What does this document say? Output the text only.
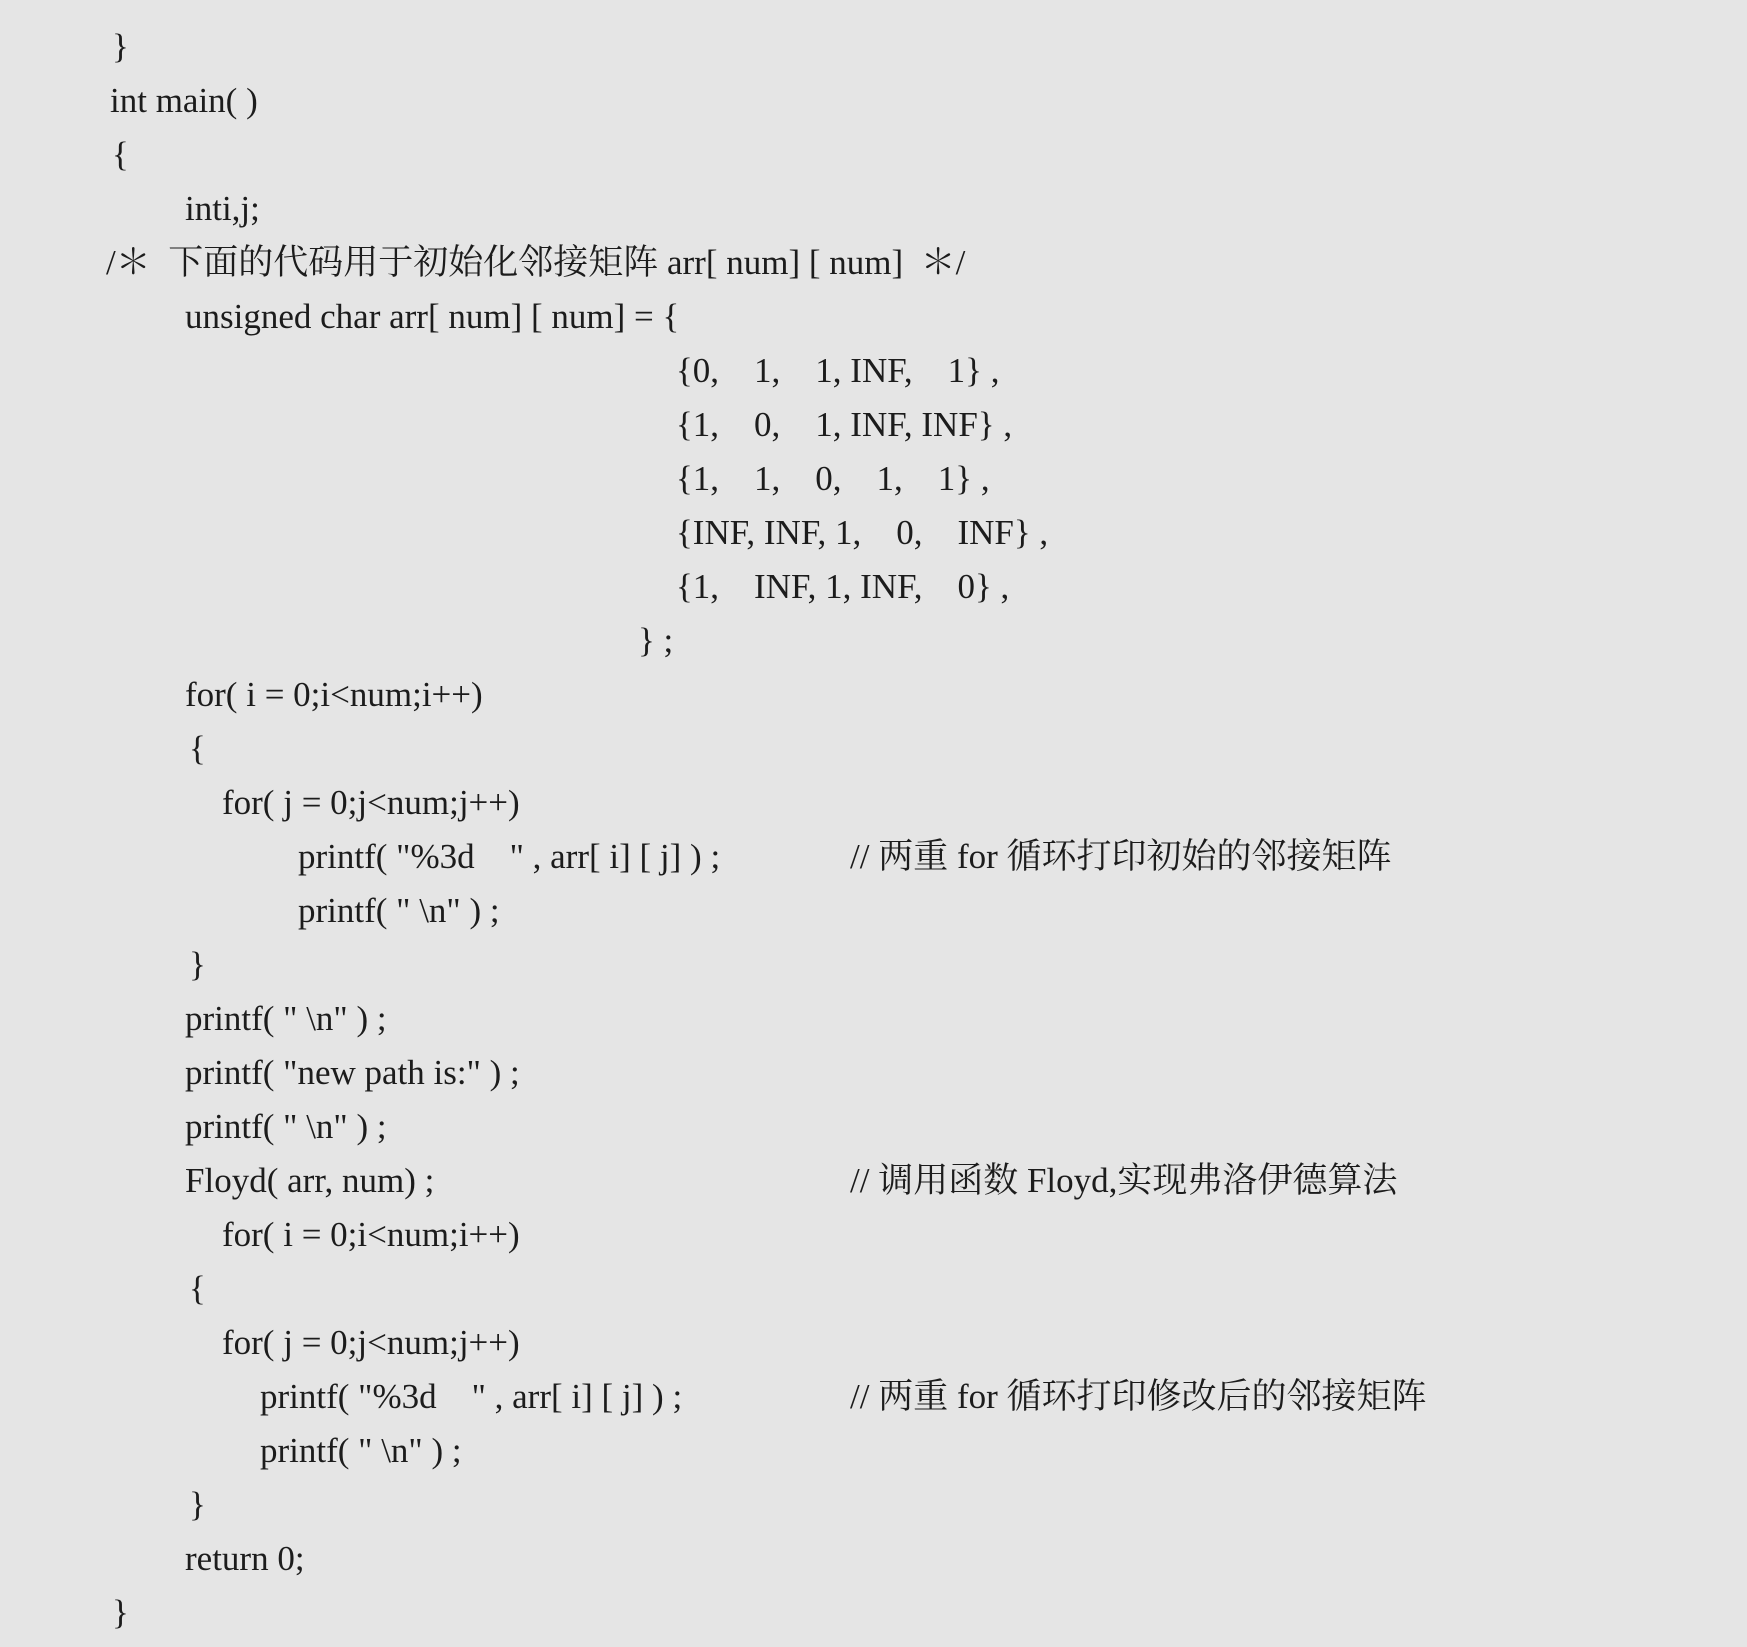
}
int main( )
{
inti,j;
/＊  下面的代码用于初始化邻接矩阵 arr[ num] [ num]  ＊/
unsigned char arr[ num] [ num] = {
{0,    1,    1, INF,    1} ,
{1,    0,    1, INF, INF} ,
{1,    1,    0,    1,    1} ,
{INF, INF, 1,    0,    INF} ,
{1,    INF, 1, INF,    0} ,
} ;
for( i = 0;i<num;i++)
{
for( j = 0;j<num;j++)
printf( "%3d    " , arr[ i] [ j] ) ;	// 两重 for 循环打印初始的邻接矩阵
printf( " \n" ) ;
}
printf( " \n" ) ;
printf( "new path is:" ) ;
printf( " \n" ) ;
Floyd( arr, num) ;	// 调用函数 Floyd,实现弗洛伊德算法
for( i = 0;i<num;i++)
{
for( j = 0;j<num;j++)
printf( "%3d    " , arr[ i] [ j] ) ;	// 两重 for 循环打印修改后的邻接矩阵
printf( " \n" ) ;
}
return 0;
}
